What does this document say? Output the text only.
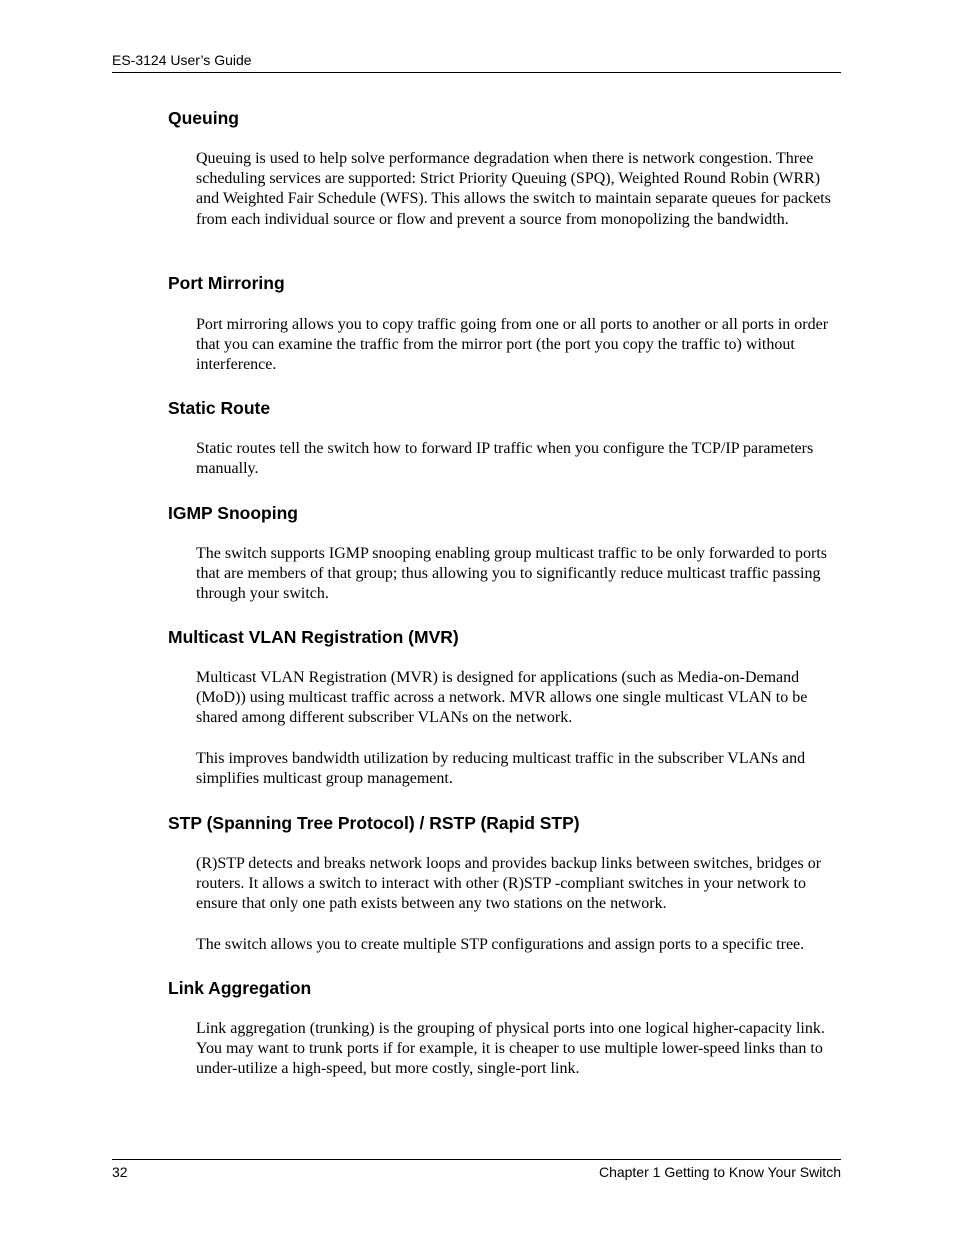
ES-3124 User’s Guide
Queuing

Queuing is used to help solve performance degradation when there is network congestion. Three scheduling services are supported: Strict Priority Queuing (SPQ), Weighted Round Robin (WRR) and Weighted Fair Schedule (WFS). This allows the switch to maintain separate queues for packets from each individual source or flow and prevent a source from monopolizing the bandwidth.

Port Mirroring

Port mirroring allows you to copy traffic going from one or all ports to another or all ports in order that you can examine the traffic from the mirror port (the port you copy the traffic to) without interference.

Static Route

Static routes tell the switch how to forward IP traffic when you configure the TCP/IP parameters manually.

IGMP Snooping

The switch supports IGMP snooping enabling group multicast traffic to be only forwarded to ports that are members of that group; thus allowing you to significantly reduce multicast traffic passing through your switch.

Multicast VLAN Registration (MVR)

Multicast VLAN Registration (MVR) is designed for applications (such as Media-on-Demand (MoD)) using multicast traffic across a network. MVR allows one single multicast VLAN to be shared among different subscriber VLANs on the network.

This improves bandwidth utilization by reducing multicast traffic in the subscriber VLANs and simplifies multicast group management.

STP (Spanning Tree Protocol) / RSTP (Rapid STP)

(R)STP detects and breaks network loops and provides backup links between switches, bridges or routers. It allows a switch to interact with other (R)STP -compliant switches in your network to ensure that only one path exists between any two stations on the network.

The switch allows you to create multiple STP configurations and assign ports to a specific tree.

Link Aggregation

Link aggregation (trunking) is the grouping of physical ports into one logical higher-capacity link. You may want to trunk ports if for example, it is cheaper to use multiple lower-speed links than to under-utilize a high-speed, but more costly, single-port link.

32	Chapter 1 Getting to Know Your Switch
